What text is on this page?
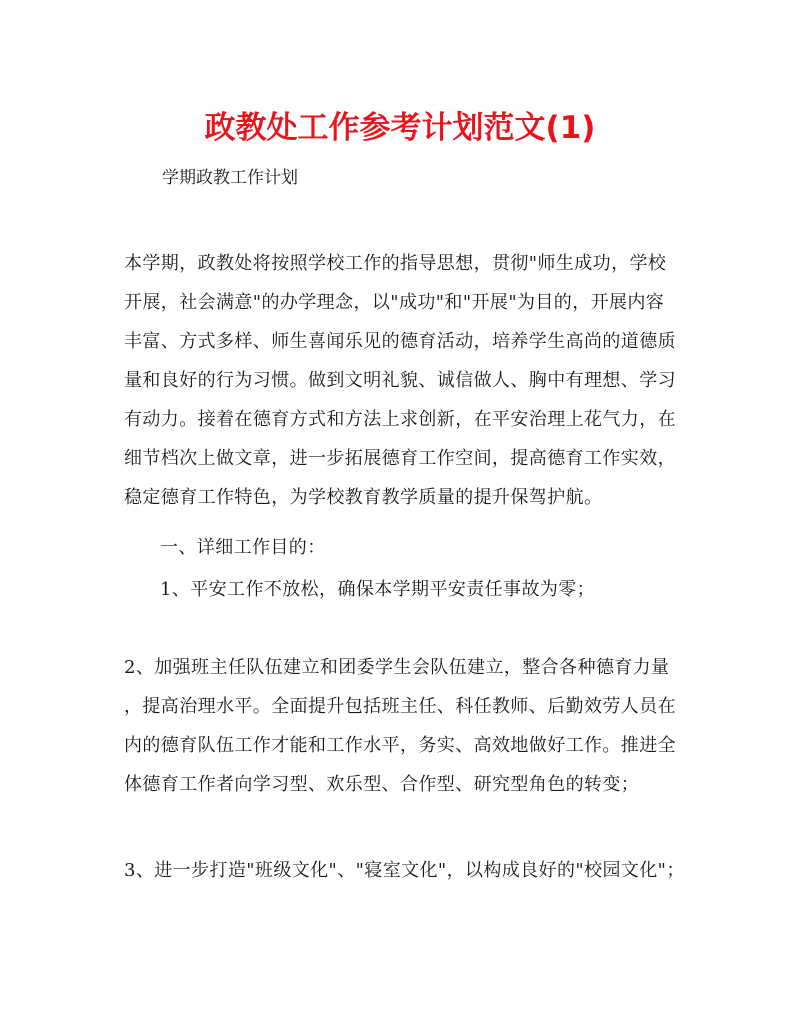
政教处工作参考计划范文(1)
学期政教工作计划
本学期，政教处将按照学校工作的指导思想，贯彻"师生成功，学校
开展，社会满意"的办学理念，以"成功"和"开展"为目的，开展内容
丰富、方式多样、师生喜闻乐见的德育活动，培养学生高尚的道德质
量和良好的行为习惯。做到文明礼貌、诚信做人、胸中有理想、学习
有动力。接着在德育方式和方法上求创新，在平安治理上花气力，在
细节档次上做文章，进一步拓展德育工作空间，提高德育工作实效，
稳定德育工作特色，为学校教育教学质量的提升保驾护航。
一、详细工作目的：
1、平安工作不放松，确保本学期平安责任事故为零；
2、加强班主任队伍建立和团委学生会队伍建立，整合各种德育力量
，提高治理水平。全面提升包括班主任、科任教师、后勤效劳人员在
内的德育队伍工作才能和工作水平，务实、高效地做好工作。推进全
体德育工作者向学习型、欢乐型、合作型、研究型角色的转变；
3、进一步打造"班级文化"、"寝室文化"，以构成良好的"校园文化"；
